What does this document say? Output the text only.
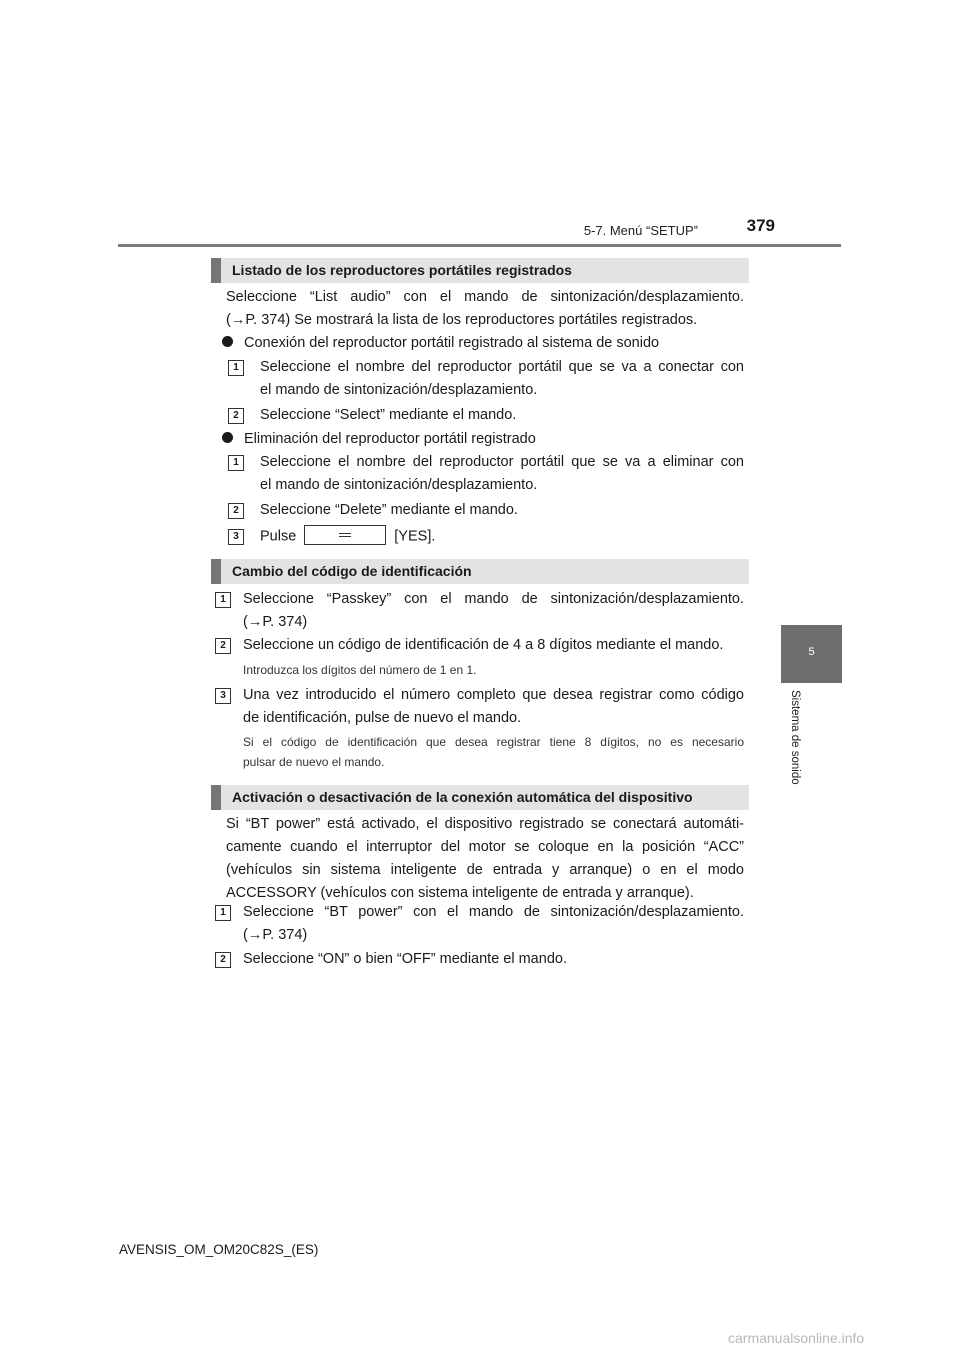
5-7. Menú “SETUP”	379
5
Sistema de sonido
Listado de los reproductores portátiles registrados
Seleccione “List audio” con el mando de sintonización/desplazamiento.
(→P. 374) Se mostrará la lista de los reproductores portátiles registrados.
Conexión del reproductor portátil registrado al sistema de sonido
1	Seleccione el nombre del reproductor portátil que se va a conectar con
el mando de sintonización/desplazamiento.
2	Seleccione “Select” mediante el mando.
Eliminación del reproductor portátil registrado
1	Seleccione el nombre del reproductor portátil que se va a eliminar con
el mando de sintonización/desplazamiento.
2	Seleccione “Delete” mediante el mando.
3	Pulse	[YES].
Cambio del código de identificación
1	Seleccione “Passkey” con el mando de sintonización/desplazamiento.
(→P. 374)
2	Seleccione un código de identificación de 4 a 8 dígitos mediante el mando.
Introduzca los dígitos del número de 1 en 1.
3	Una vez introducido el número completo que desea registrar como código
de identificación, pulse de nuevo el mando.
Si el código de identificación que desea registrar tiene 8 dígitos, no es necesario
pulsar de nuevo el mando.
Activación o desactivación de la conexión automática del dispositivo
Si “BT power” está activado, el dispositivo registrado se conectará automáti-
camente cuando el interruptor del motor se coloque en la posición “ACC”
(vehículos sin sistema inteligente de entrada y arranque) o en el modo
ACCESSORY (vehículos con sistema inteligente de entrada y arranque).
1	Seleccione “BT power” con el mando de sintonización/desplazamiento.
(→P. 374)
2	Seleccione “ON” o bien “OFF” mediante el mando.
AVENSIS_OM_OM20C82S_(ES)
carmanualsonline.info
